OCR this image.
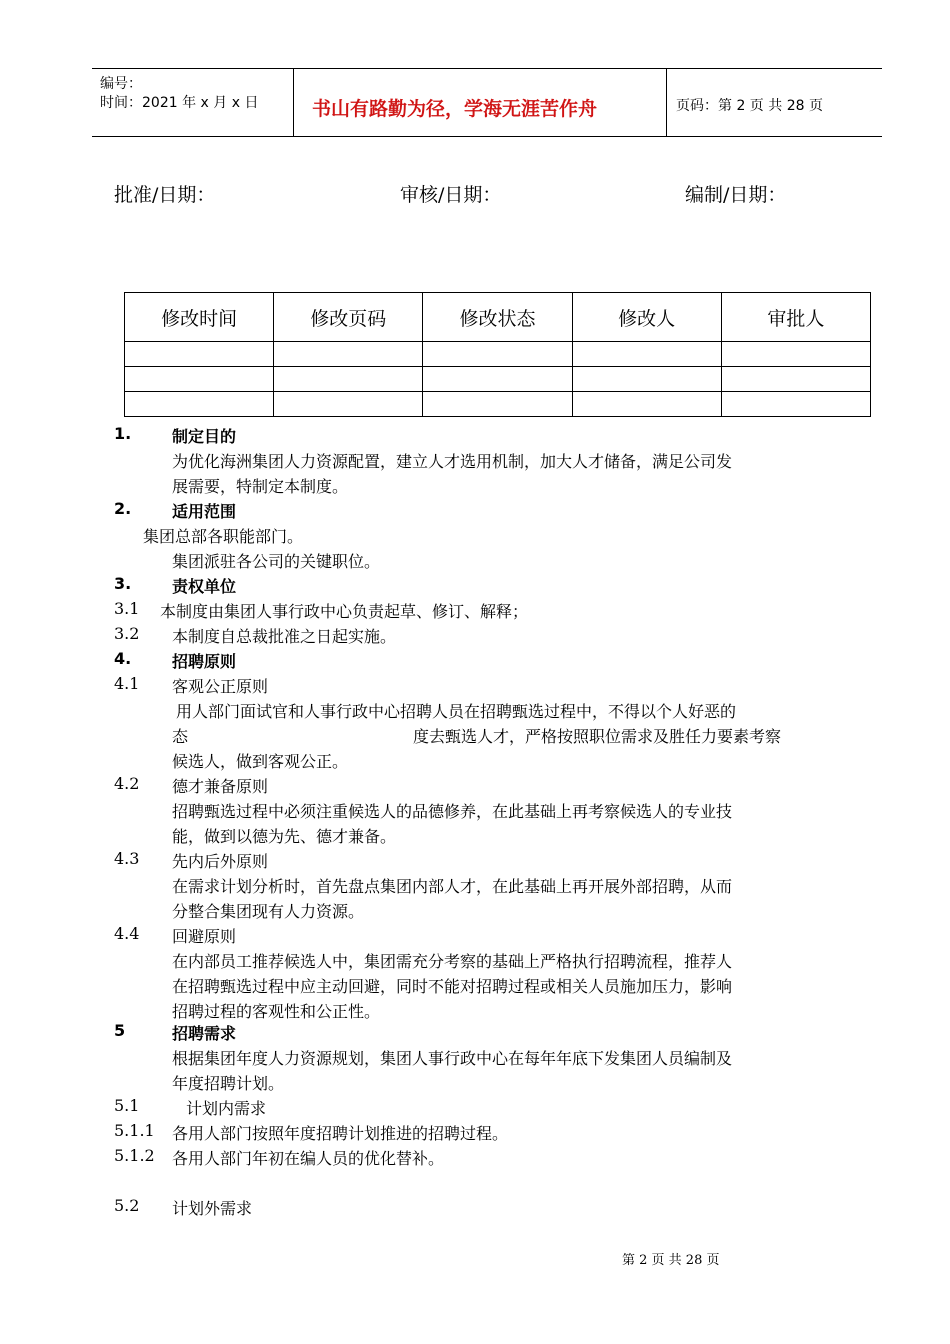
编号：
时间：2021 年 x 月 x 日	书山有路勤为径，学海无涯苦作舟	页码：第 2 页 共 28 页
批准/日期：	审核/日期：	编制/日期：
修改时间	修改页码	修改状态	修改人	审批人

1.	制定目的
为优化海洲集团人力资源配置，建立人才选用机制，加大人才储备，满足公司发
展需要，特制定本制度。
2.	适用范围
集团总部各职能部门。
集团派驻各公司的关键职位。
3.	责权单位
3.1 本制度由集团人事行政中心负责起草、修订、解释；
3.2 本制度自总裁批准之日起实施。
4.	招聘原则
4.1 客观公正原则
用人部门面试官和人事行政中心招聘人员在招聘甄选过程中，不得以个人好恶的
态	度去甄选人才，严格按照职位需求及胜任力要素考察
候选人，做到客观公正。
4.2 德才兼备原则
招聘甄选过程中必须注重候选人的品德修养，在此基础上再考察候选人的专业技
能，做到以德为先、德才兼备。
4.3 先内后外原则
在需求计划分析时，首先盘点集团内部人才，在此基础上再开展外部招聘，从而
分整合集团现有人力资源。
4.4 回避原则
在内部员工推荐候选人中，集团需充分考察的基础上严格执行招聘流程，推荐人
在招聘甄选过程中应主动回避，同时不能对招聘过程或相关人员施加压力，影响
招聘过程的客观性和公正性。
5	招聘需求
根据集团年度人力资源规划，集团人事行政中心在每年年底下发集团人员编制及
年度招聘计划。
5.1	计划内需求
5.1.1 各用人部门按照年度招聘计划推进的招聘过程。
5.1.2 各用人部门年初在编人员的优化替补。
5.2 计划外需求
第 2 页 共 28 页
